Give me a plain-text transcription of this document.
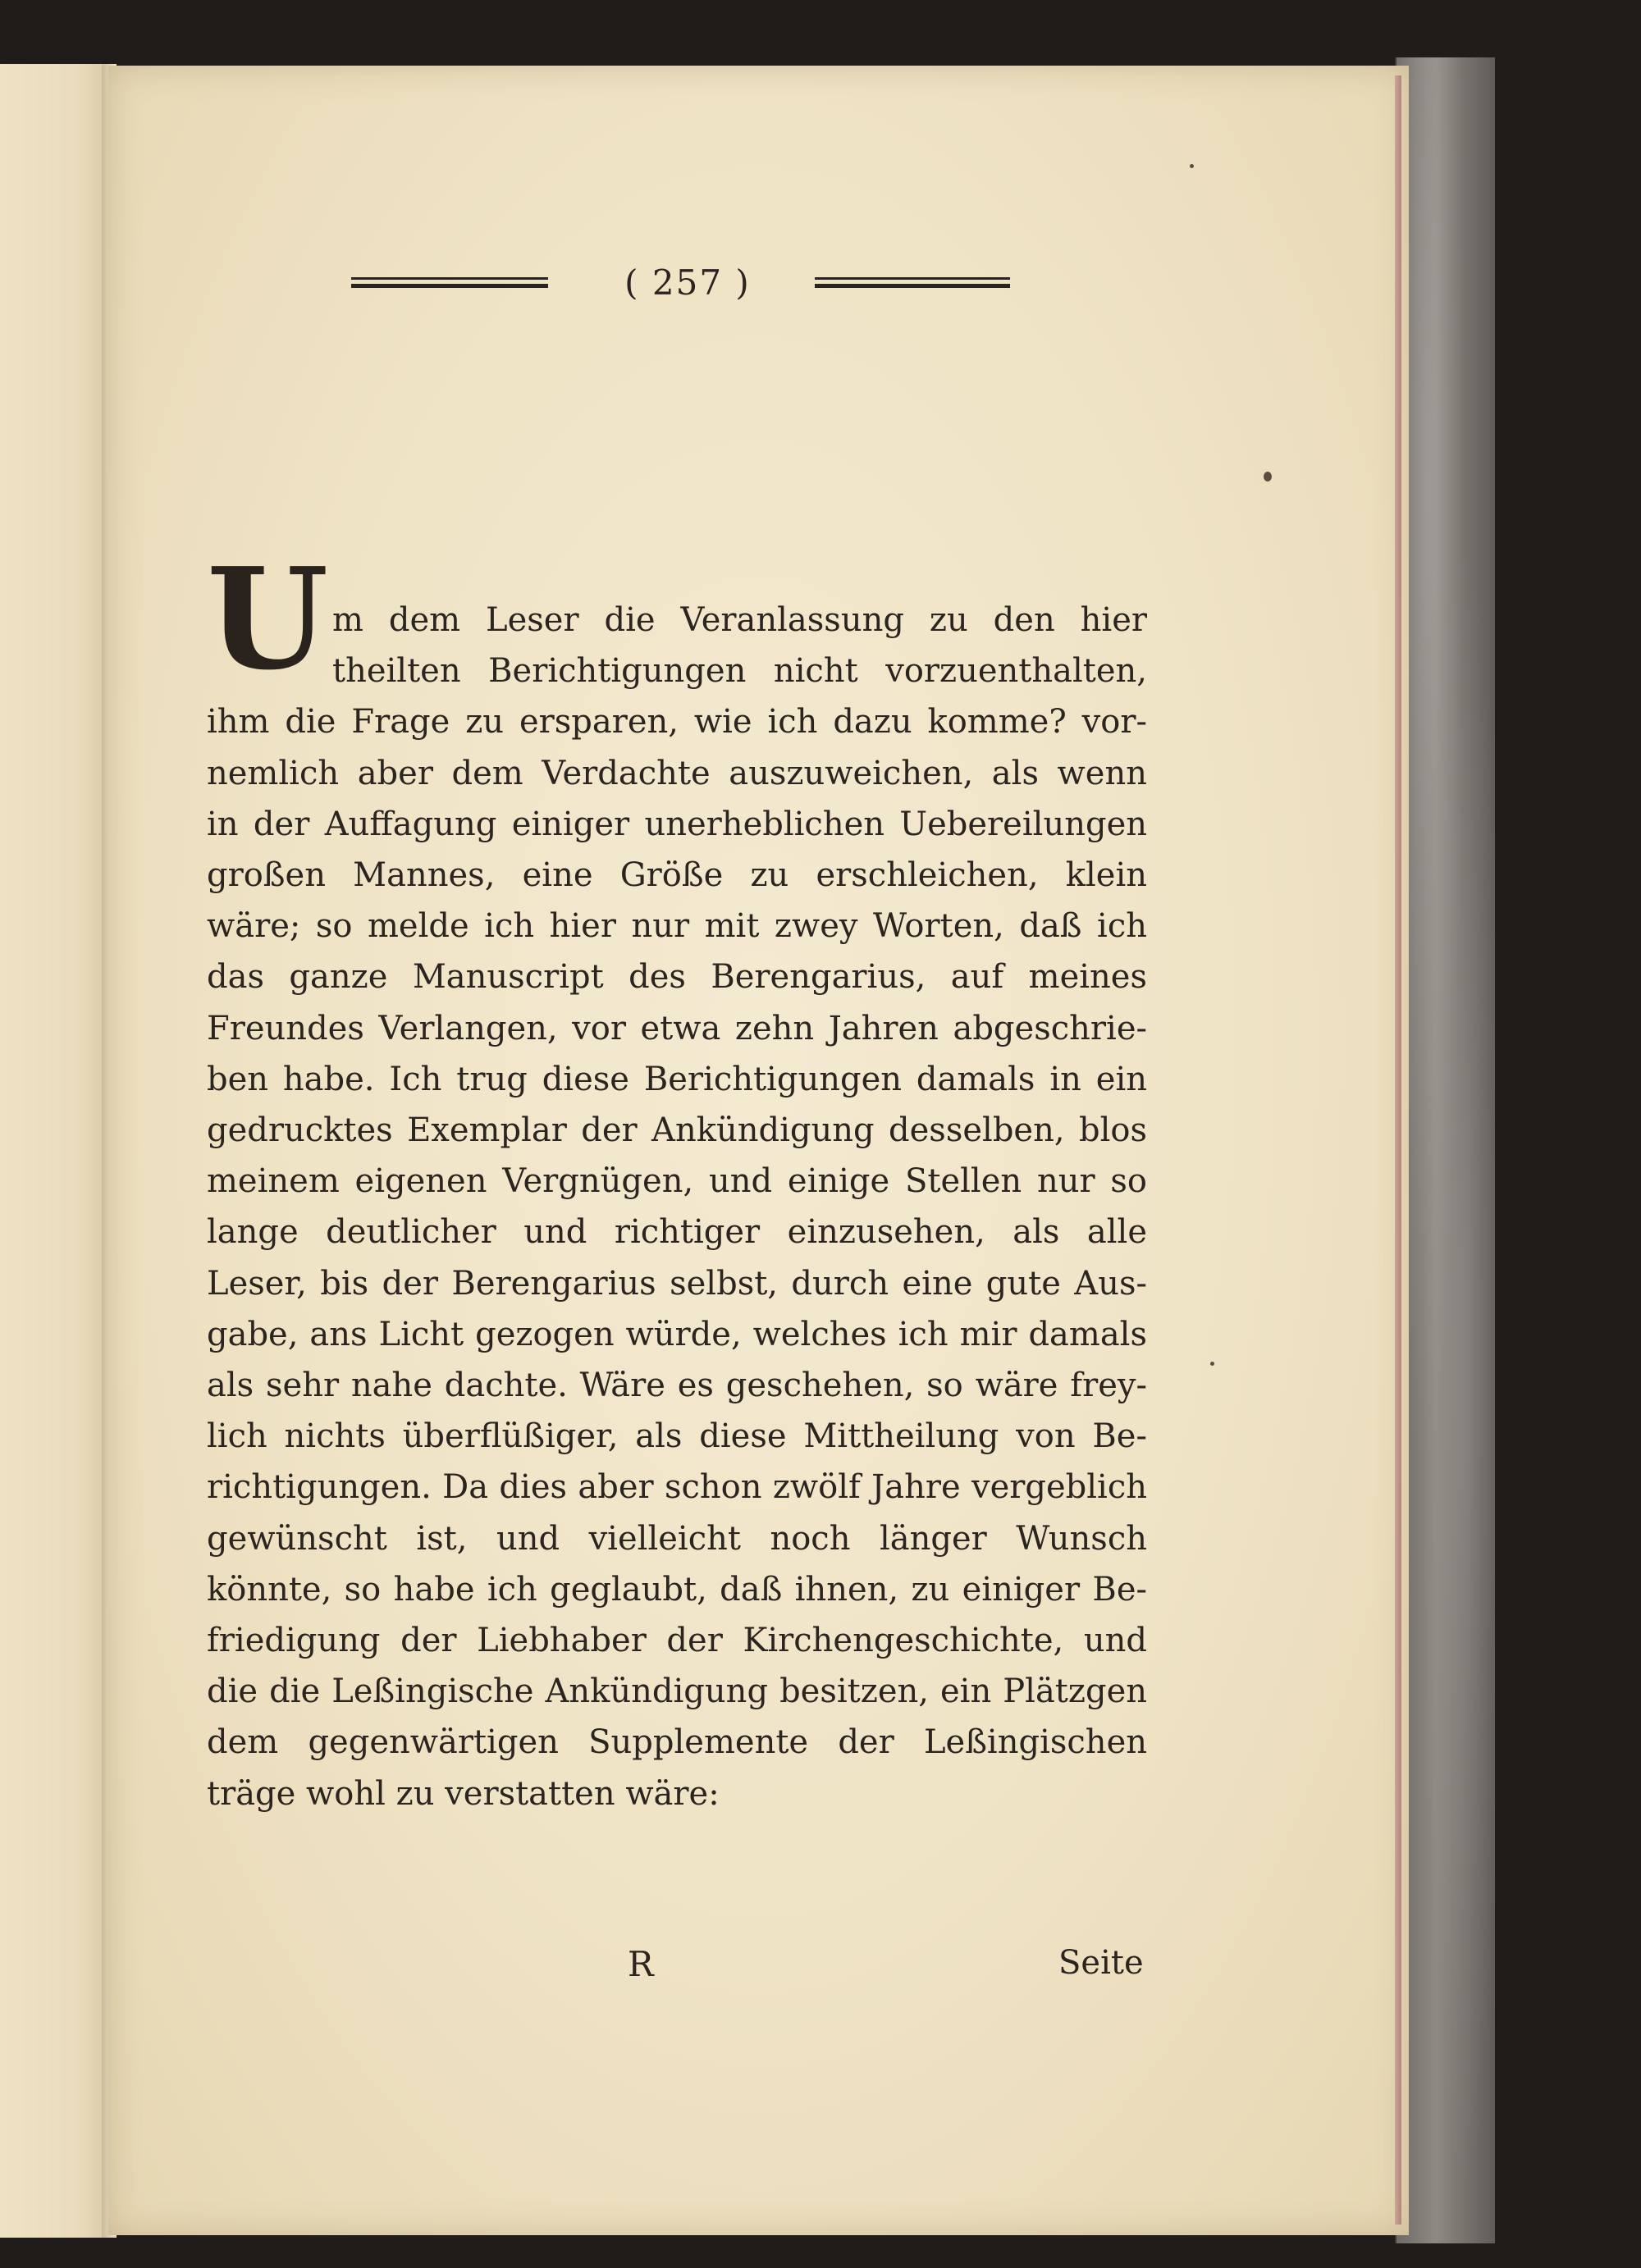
( 257 )
U m dem Leser die Veranlassung zu den hier
theilten Berichtigungen nicht vorzuenthalten,
ihm die Frage zu ersparen, wie ich dazu komme? vor-
nemlich aber dem Verdachte auszuweichen, als wenn
in der Auffagung einiger unerheblichen Uebereilungen
großen Mannes, eine Größe zu erschleichen, klein
wäre; so melde ich hier nur mit zwey Worten, daß ich
das ganze Manuscript des Berengarius, auf meines
Freundes Verlangen, vor etwa zehn Jahren abgeschrie-
ben habe. Ich trug diese Berichtigungen damals in ein
gedrucktes Exemplar der Ankündigung desselben, blos
meinem eigenen Vergnügen, und einige Stellen nur so
lange deutlicher und richtiger einzusehen, als alle
Leser, bis der Berengarius selbst, durch eine gute Aus-
gabe, ans Licht gezogen würde, welches ich mir damals
als sehr nahe dachte. Wäre es geschehen, so wäre frey-
lich nichts überflüßiger, als diese Mittheilung von Be-
richtigungen. Da dies aber schon zwölf Jahre vergeblich
gewünscht ist, und vielleicht noch länger Wunsch
könnte, so habe ich geglaubt, daß ihnen, zu einiger Be-
friedigung der Liebhaber der Kirchengeschichte, und
die die Leßingische Ankündigung besitzen, ein Plätzgen
dem gegenwärtigen Supplemente der Leßingischen
träge wohl zu verstatten wäre:
R	Seite
